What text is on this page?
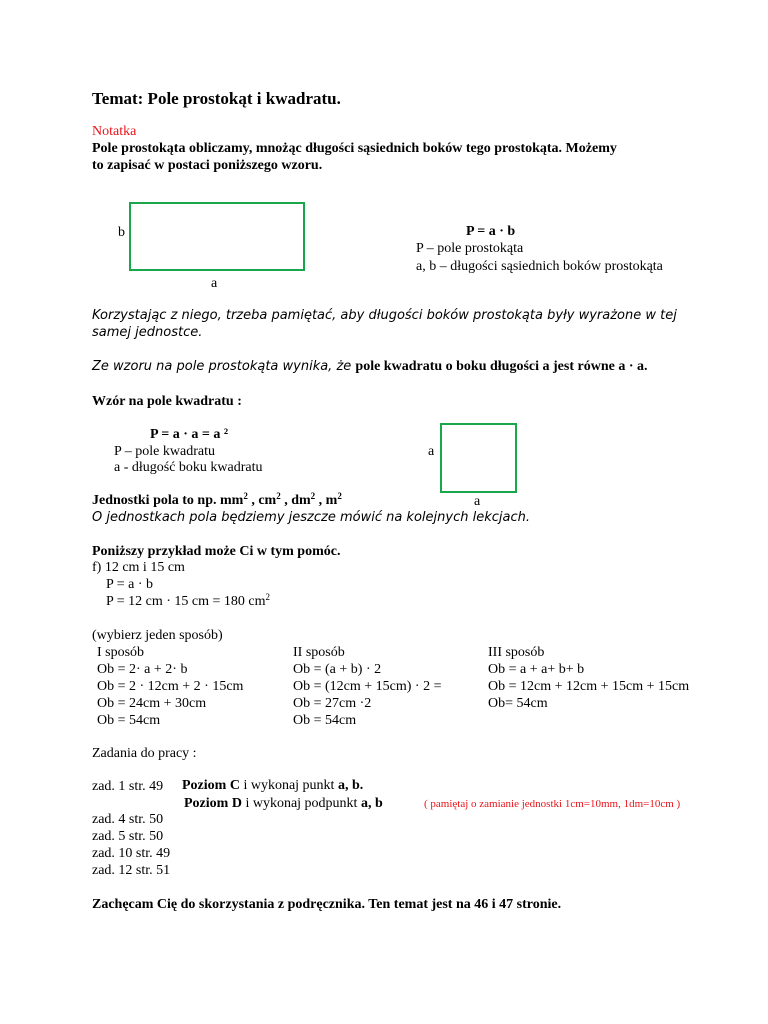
Temat: Pole prostokąt i kwadratu.
Notatka
Pole prostokąta obliczamy, mnożąc długości sąsiednich boków tego prostokąta. Możemy
to zapisać w postaci poniższego wzoru.
b
a
P = a · b
P – pole prostokąta
a, b – długości sąsiednich boków prostokąta
Korzystając z niego, trzeba pamiętać, aby długości boków prostokąta były wyrażone w tej
samej jednostce.
Ze wzoru na pole prostokąta wynika, że pole kwadratu o boku długości a jest równe a · a.
Wzór na pole kwadratu :
P = a · a = a ²
P – pole kwadratu
a - długość boku kwadratu
a
a
Jednostki pola to np. $mm^2$ , $cm^2$ , $dm^2$ , $m^2$
O jednostkach pola będziemy jeszcze mówić na kolejnych lekcjach.
Poniższy przykład może Ci w tym pomóc.
f) 12 cm i 15 cm
P = a · b
P = 12 cm · 15 cm = 180 $cm^2$
(wybierz jeden sposób)
I sposób
Ob = 2· a + 2· b
Ob = 2 · 12cm + 2 · 15cm
Ob = 24cm + 30cm
Ob = 54cm
II sposób
Ob = (a + b) · 2
Ob = (12cm + 15cm) · 2 =
Ob = 27cm ·2
Ob = 54cm
III sposób
Ob = a + a+ b+ b
Ob = 12cm + 12cm + 15cm + 15cm
Ob= 54cm
Zadania do pracy :
zad. 1 str. 49 Poziom C i wykonaj punkt a, b.
Poziom D i wykonaj podpunkt a, b	( pamiętaj o zamianie jednostki 1cm=10mm, 1dm=10cm )
zad. 4 str. 50
zad. 5 str. 50
zad. 10 str. 49
zad. 12 str. 51
Zachęcam Cię do skorzystania z podręcznika. Ten temat jest na 46 i 47 stronie.
